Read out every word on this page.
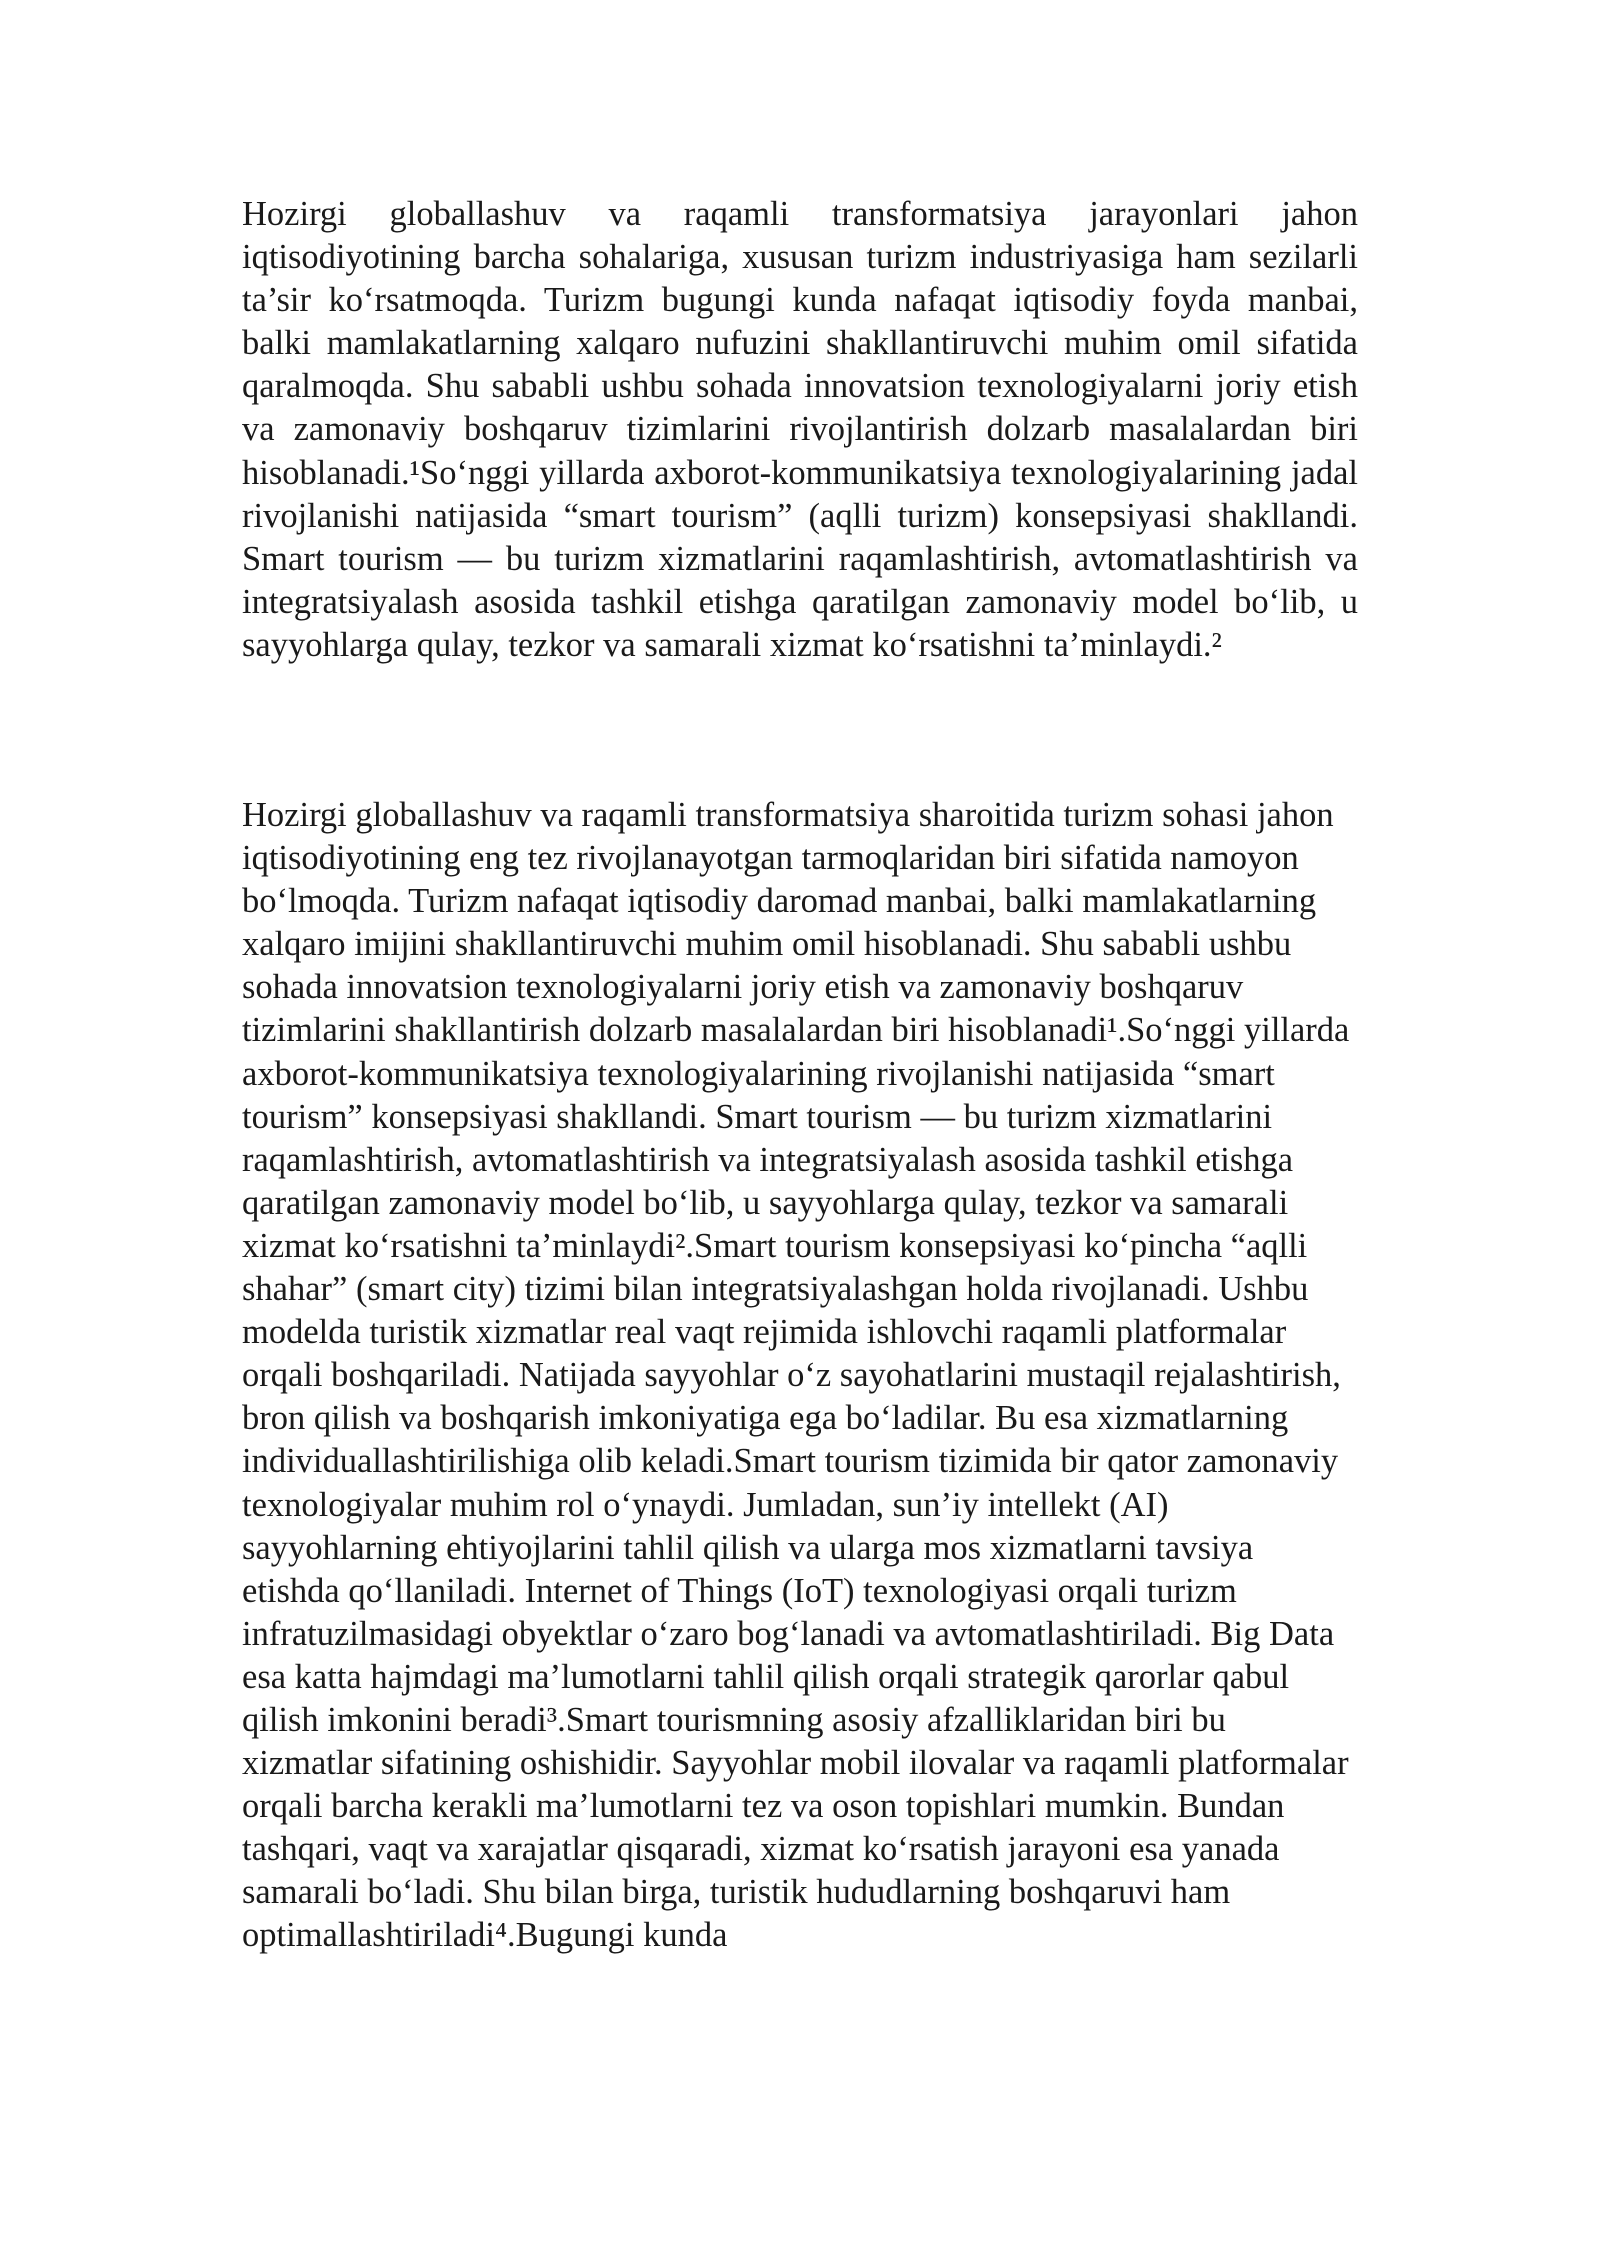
Hozirgi globallashuv va raqamli transformatsiya jarayonlari jahon iqtisodiyotining barcha sohalariga, xususan turizm industriyasiga ham sezilarli ta’sir ko‘rsatmoqda. Turizm bugungi kunda nafaqat iqtisodiy foyda manbai, balki mamlakatlarning xalqaro nufuzini shakllantiruvchi muhim omil sifatida qaralmoqda. Shu sababli ushbu sohada innovatsion texnologiyalarni joriy etish va zamonaviy boshqaruv tizimlarini rivojlantirish dolzarb masalalardan biri hisoblanadi.¹So‘nggi yillarda axborot-kommunikatsiya texnologiyalarining jadal rivojlanishi natijasida “smart tourism” (aqlli turizm) konsepsiyasi shakllandi. Smart tourism — bu turizm xizmatlarini raqamlashtirish, avtomatlashtirish va integratsiyalash asosida tashkil etishga qaratilgan zamonaviy model bo‘lib, u sayyohlarga qulay, tezkor va samarali xizmat ko‘rsatishni ta’minlaydi.²

Hozirgi globallashuv va raqamli transformatsiya sharoitida turizm sohasi jahon iqtisodiyotining eng tez rivojlanayotgan tarmoqlaridan biri sifatida namoyon bo‘lmoqda. Turizm nafaqat iqtisodiy daromad manbai, balki mamlakatlarning xalqaro imijini shakllantiruvchi muhim omil hisoblanadi. Shu sababli ushbu sohada innovatsion texnologiyalarni joriy etish va zamonaviy boshqaruv tizimlarini shakllantirish dolzarb masalalardan biri hisoblanadi¹.So‘nggi yillarda axborot-kommunikatsiya texnologiyalarining rivojlanishi natijasida “smart tourism” konsepsiyasi shakllandi. Smart tourism — bu turizm xizmatlarini raqamlashtirish, avtomatlashtirish va integratsiyalash asosida tashkil etishga qaratilgan zamonaviy model bo‘lib, u sayyohlarga qulay, tezkor va samarali xizmat ko‘rsatishni ta’minlaydi².Smart tourism konsepsiyasi ko‘pincha “aqlli shahar” (smart city) tizimi bilan integratsiyalashgan holda rivojlanadi. Ushbu modelda turistik xizmatlar real vaqt rejimida ishlovchi raqamli platformalar orqali boshqariladi. Natijada sayyohlar o‘z sayohatlarini mustaqil rejalashtirish, bron qilish va boshqarish imkoniyatiga ega bo‘ladilar. Bu esa xizmatlarning individuallashtirilishiga olib keladi.Smart tourism tizimida bir qator zamonaviy texnologiyalar muhim rol o‘ynaydi. Jumladan, sun’iy intellekt (AI) sayyohlarning ehtiyojlarini tahlil qilish va ularga mos xizmatlarni tavsiya etishda qo‘llaniladi. Internet of Things (IoT) texnologiyasi orqali turizm infratuzilmasidagi obyektlar o‘zaro bog‘lanadi va avtomatlashtiriladi. Big Data esa katta hajmdagi ma’lumotlarni tahlil qilish orqali strategik qarorlar qabul qilish imkonini beradi³.Smart tourismning asosiy afzalliklaridan biri bu xizmatlar sifatining oshishidir. Sayyohlar mobil ilovalar va raqamli platformalar orqali barcha kerakli ma’lumotlarni tez va oson topishlari mumkin. Bundan tashqari, vaqt va xarajatlar qisqaradi, xizmat ko‘rsatish jarayoni esa yanada samarali bo‘ladi. Shu bilan birga, turistik hududlarning boshqaruvi ham optimallashtiriladi⁴.Bugungi kunda
